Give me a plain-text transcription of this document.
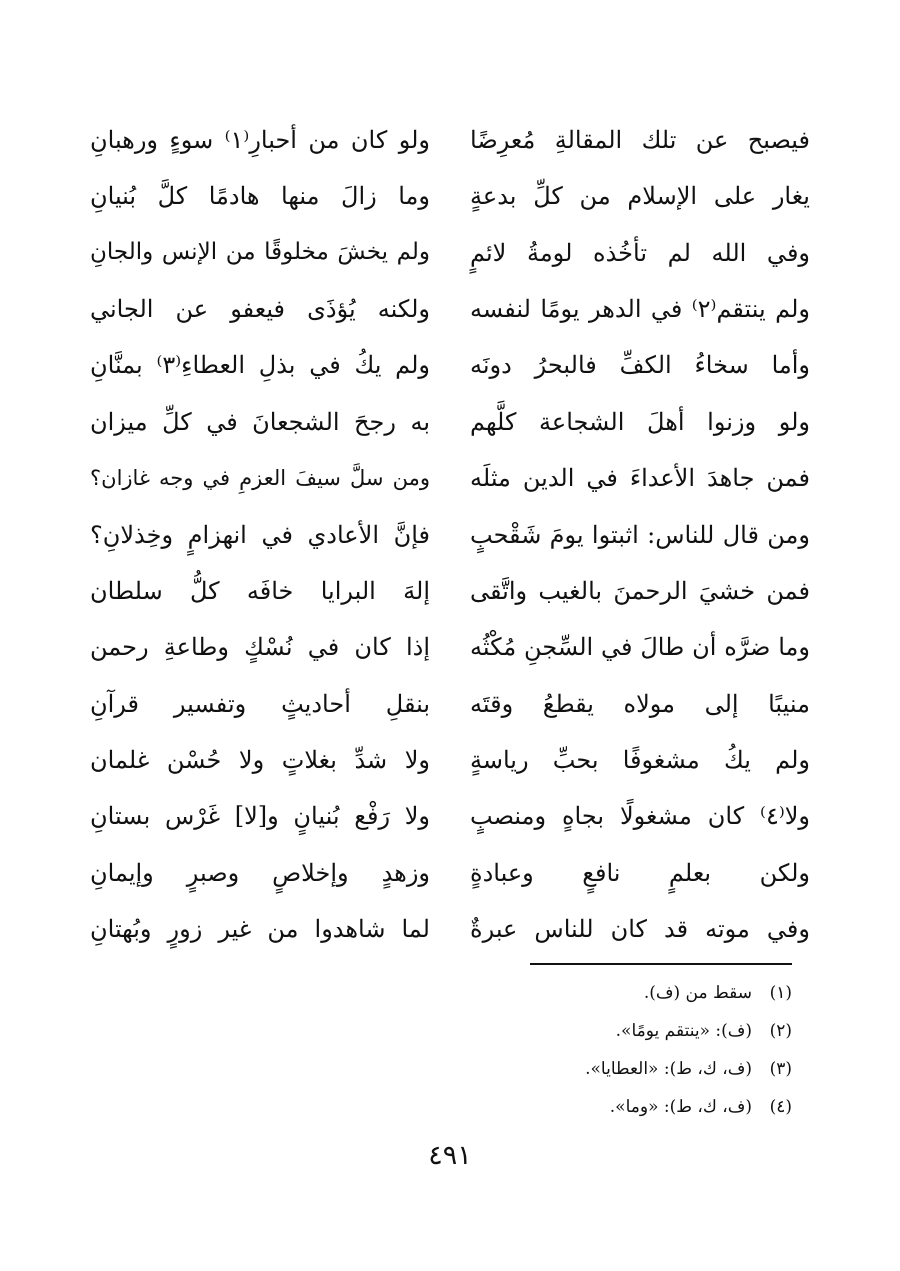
فيصبح عن تلك المقالةِ مُعرِضًا
ولو كان من أحبارِ⁽١⁾ سوءٍ ورهبانِ
يغار على الإسلام من كلِّ بدعةٍ
وما زالَ منها هادمًا كلَّ بُنيانِ
وفي الله لم تأخُذه لومةُ لائمٍ
ولم يخشَ مخلوقًا من الإنس والجانِ
ولم ينتقم⁽٢⁾ في الدهر يومًا لنفسه
ولكنه يُؤذَى فيعفو عن الجاني
وأما سخاءُ الكفِّ فالبحرُ دونَه
ولم يكُ في بذلِ العطاءِ⁽٣⁾ بمنَّانِ
ولو وزنوا أهلَ الشجاعة كلَّهم
به رجحَ الشجعانَ في كلِّ ميزان
فمن جاهدَ الأعداءَ في الدين مثلَه
ومن سلَّ سيفَ العزمِ في وجه غازان؟
ومن قال للناس: اثبتوا يومَ شَقْحبٍ
فإنَّ الأعادي في انهزامٍ وخِذلانِ؟
فمن خشيَ الرحمنَ بالغيب واتَّقى
إلهَ البرايا خافَه كلُّ سلطان
وما ضرَّه أن طالَ في السِّجنِ مُكْثُه
إذا كان في نُسْكٍ وطاعةِ رحمن
منيبًا إلى مولاه يقطعُ وقتَه
بنقلِ أحاديثٍ وتفسير قرآنِ
ولم يكُ مشغوفًا بحبِّ رياسةٍ
ولا شدِّ بغلاتٍ ولا حُسْن غلمان
ولا⁽٤⁾ كان مشغولًا بجاهٍ ومنصبٍ
ولا رَفْع بُنيانٍ و[لا] غَرْس بستانِ
ولكن بعلمٍ نافعٍ وعبادةٍ
وزهدٍ وإخلاصٍ وصبرٍ وإيمانِ
وفي موته قد كان للناس عبرةٌ
لما شاهدوا من غير زورٍ وبُهتانِ
(١)
سقط من (ف).
(٢)
(ف): «ينتقم يومًا».
(٣)
(ف، ك، ط): «العطايا».
(٤)
(ف، ك، ط): «وما».
٤٩١
